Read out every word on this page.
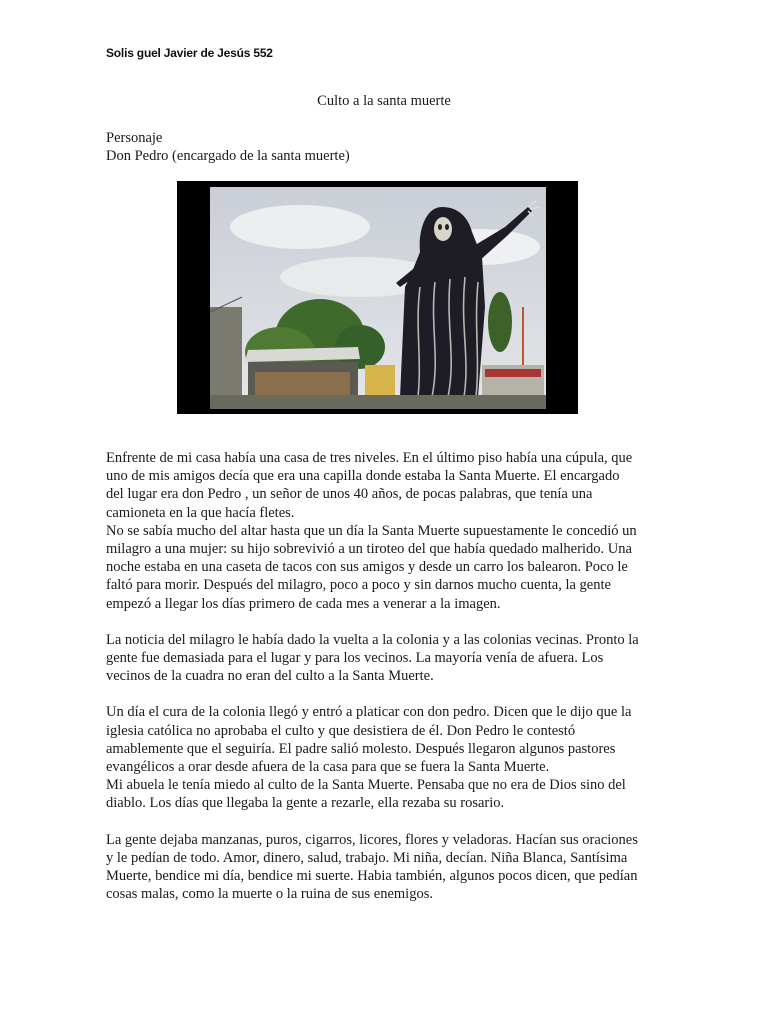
Solis guel Javier de Jesús 552
Culto a la santa muerte
Personaje
Don Pedro (encargado de la santa muerte)

Enfrente de mi casa había una casa de tres niveles. En el último piso había una cúpula, que
uno de mis amigos decía que era una capilla donde estaba la Santa Muerte. El encargado
del lugar era don Pedro , un señor de unos 40 años, de pocas palabras, que tenía una
camioneta en la que hacía fletes.
No se sabía mucho del altar hasta que un día la Santa Muerte supuestamente le concedió un
milagro a una mujer: su hijo sobrevivió a un tiroteo del que había quedado malherido. Una
noche estaba en una caseta de tacos con sus amigos y desde un carro los balearon. Poco le
faltó para morir. Después del milagro, poco a poco y sin darnos mucho cuenta, la gente
empezó a llegar los días primero de cada mes a venerar a la imagen.

La noticia del milagro le había dado la vuelta a la colonia y a las colonias vecinas. Pronto la
gente fue demasiada para el lugar y para los vecinos. La mayoría venía de afuera. Los
vecinos de la cuadra no eran del culto a la Santa Muerte.

Un día el cura de la colonia llegó y entró a platicar con don pedro. Dicen que le dijo que la
iglesia católica no aprobaba el culto y que desistiera de él. Don Pedro le contestó
amablemente que el seguiría. El padre salió molesto. Después llegaron algunos pastores
evangélicos a orar desde afuera de la casa para que se fuera la Santa Muerte.
Mi abuela le tenía miedo al culto de la Santa Muerte. Pensaba que no era de Dios sino del
diablo. Los días que llegaba la gente a rezarle, ella rezaba su rosario.

La gente dejaba manzanas, puros, cigarros, licores, flores y veladoras. Hacían sus oraciones
y le pedían de todo. Amor, dinero, salud, trabajo. Mi niña, decían. Niña Blanca, Santísima
Muerte, bendice mi día, bendice mi suerte. Habia también, algunos pocos dicen, que pedían
cosas malas, como la muerte o la ruina de sus enemigos.
